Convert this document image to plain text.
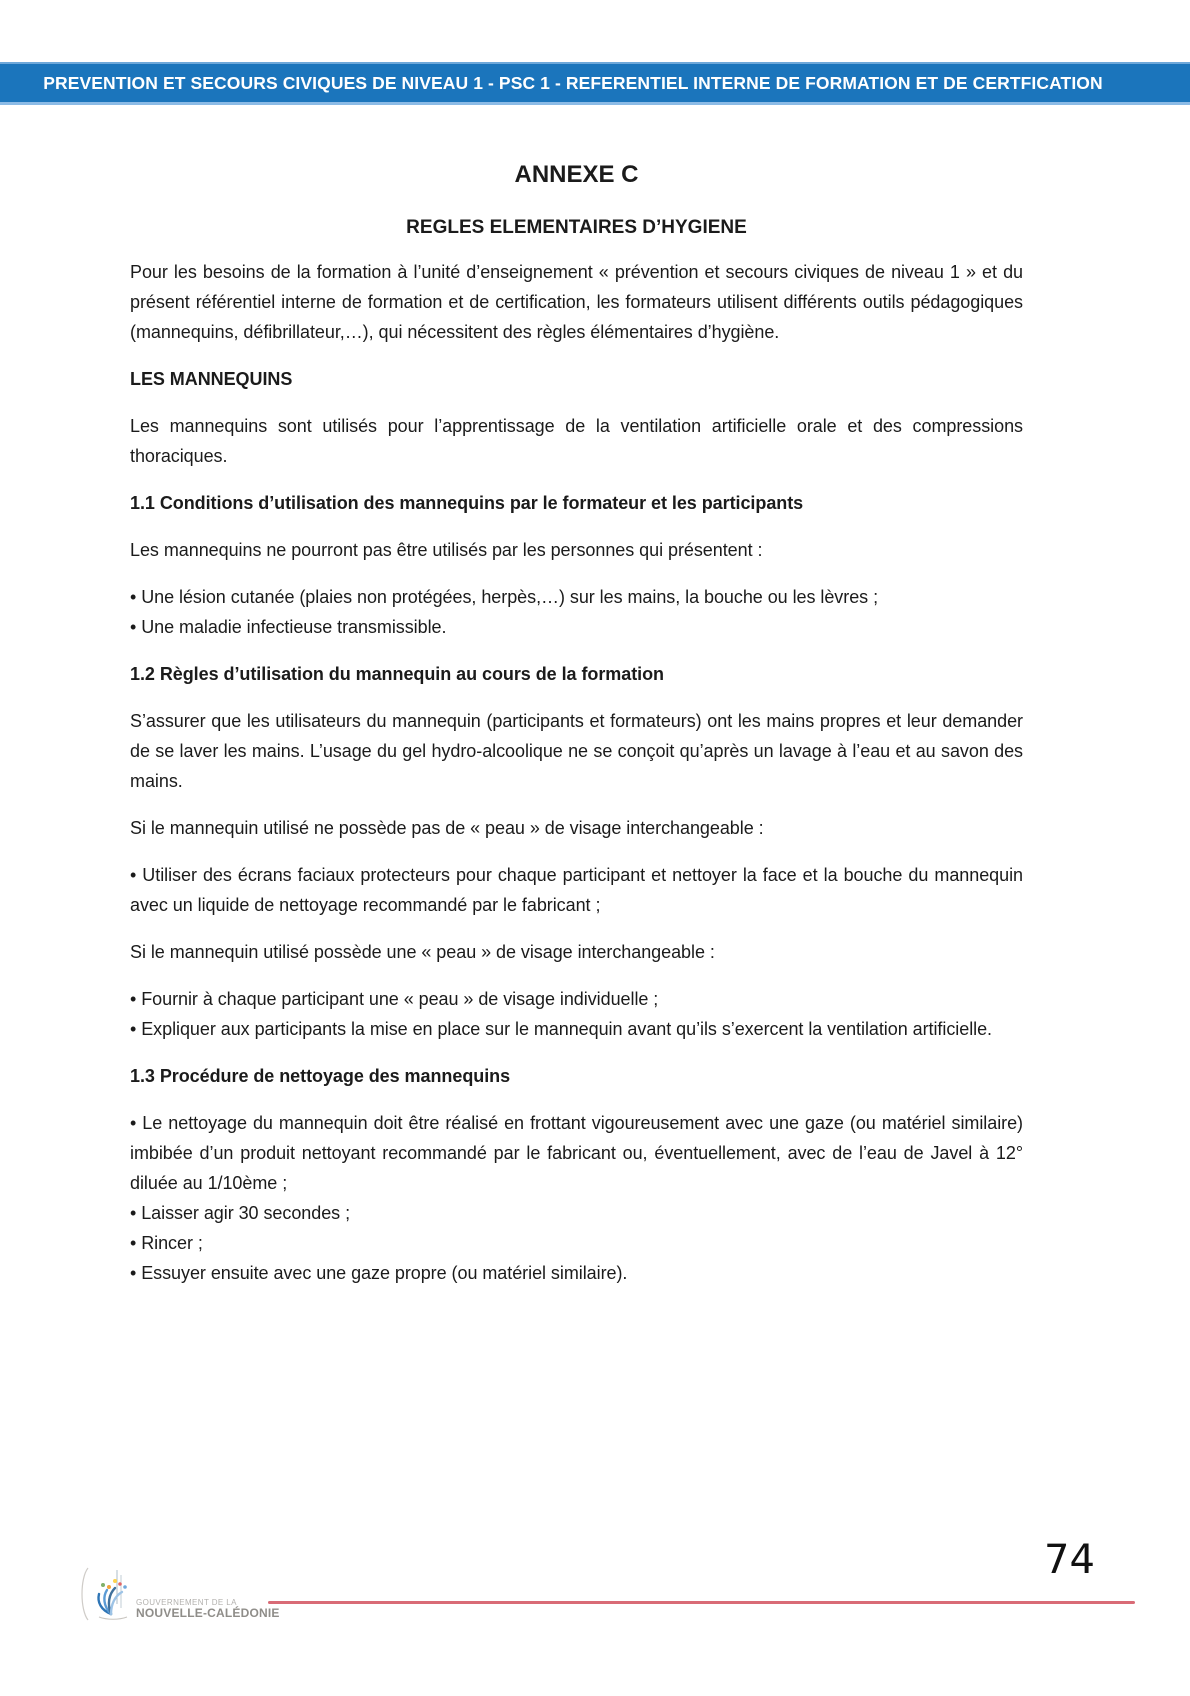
PREVENTION ET SECOURS CIVIQUES DE NIVEAU 1 - PSC 1 - REFERENTIEL INTERNE DE FORMATION ET DE CERTFICATION
ANNEXE C
REGLES ELEMENTAIRES D’HYGIENE

Pour les besoins de la formation à l’unité d’enseignement « prévention et secours civiques de niveau 1 » et du présent référentiel interne de formation et de certification, les formateurs utilisent différents outils pédagogiques (mannequins, défibrillateur,…), qui nécessitent des règles élémentaires d’hygiène.

LES MANNEQUINS

Les mannequins sont utilisés pour l’apprentissage de la ventilation artificielle orale et des compressions thoraciques.

1.1 Conditions d’utilisation des mannequins par le formateur et les participants

Les mannequins ne pourront pas être utilisés par les personnes qui présentent :

• Une lésion cutanée (plaies non protégées, herpès,…) sur les mains, la bouche ou les lèvres ;

• Une maladie infectieuse transmissible.

1.2 Règles d’utilisation du mannequin au cours de la formation

S’assurer que les utilisateurs du mannequin (participants et formateurs) ont les mains propres et leur demander de se laver les mains. L’usage du gel hydro-alcoolique ne se conçoit qu’après un lavage à l’eau et au savon des mains.

Si le mannequin utilisé ne possède pas de « peau » de visage interchangeable :

• Utiliser des écrans faciaux protecteurs pour chaque participant et nettoyer la face et la bouche du mannequin avec un liquide de nettoyage recommandé par le fabricant ;

Si le mannequin utilisé possède une « peau » de visage interchangeable :

• Fournir à chaque participant une « peau » de visage individuelle ;

• Expliquer aux participants la mise en place sur le mannequin avant qu’ils s’exercent la ventilation artificielle.

1.3 Procédure de nettoyage des mannequins

• Le nettoyage du mannequin doit être réalisé en frottant vigoureusement avec une gaze (ou matériel similaire) imbibée d’un produit nettoyant recommandé par le fabricant ou, éventuellement, avec de l’eau de Javel à 12° diluée au 1/10ème ;

• Laisser agir 30 secondes ;

• Rincer ;

• Essuyer ensuite avec une gaze propre (ou matériel similaire).

74
GOUVERNEMENT DE LA
NOUVELLE-CALÉDONIE
